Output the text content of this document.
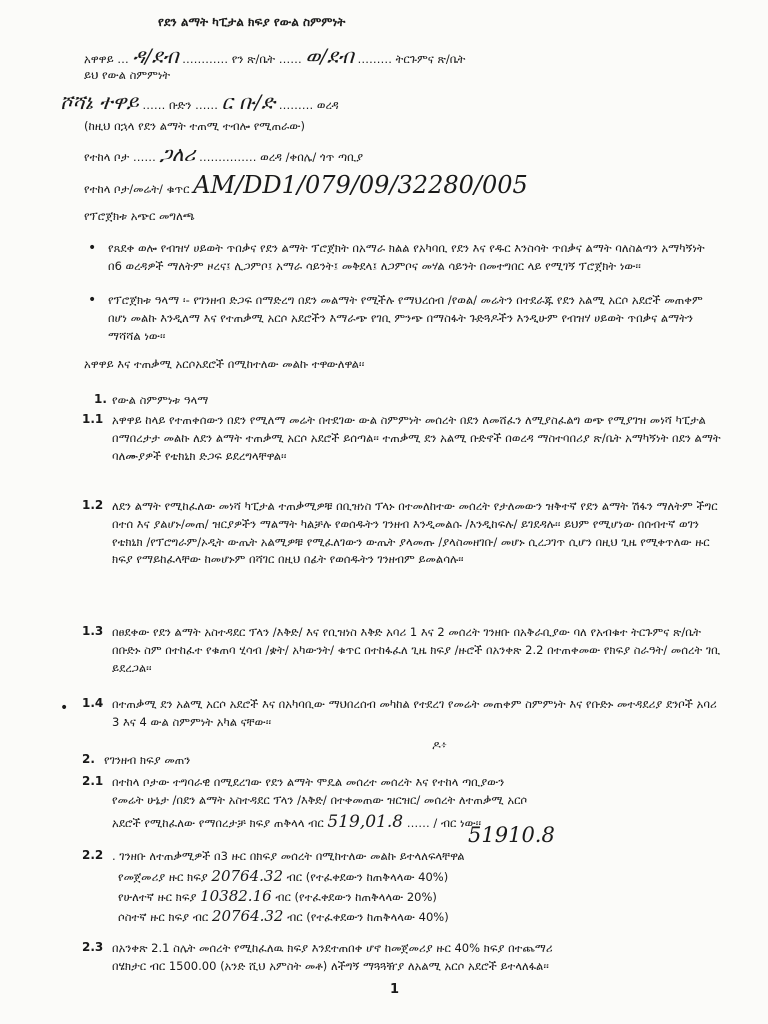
የደን ልማት ካፒታል ክፍያ የውል ስምምነት
አዋዋይ … ዳ/ደብ ………… የን ጽ/ቤት …… ወ/ደብ ……… ትርጉምና ጽ/ቤት
ይህ የውል ስምምነት
ሾሻኔ ተዋይ …… ቡድን …… ር ቡ/ድ ……… ወረዳ
(ከዚህ በኋላ የደን ልማት ተጠሚ ተብሎ የሚጠራው)
የተከላ ቦታ …… ጋለሪ …………… ወረዳ /ቀበሌ/ ጎጥ ጣቢያ
የተከላ ቦታ/መሬት/ ቁጥር AM/DD1/079/09/32280/005
የፕሮጀክቱ አጭር መግለጫ
• የጸደቀ ወሎ የብዝሃ ሀይወት ጥበቃና የደን ልማት ፕሮጀክት በአማራ ክልል የአካባቢ የደን እና የዱር እንስሳት ጥበቃና ልማት ባለስልጣን አማካኝነት በ6 ወረዳዎች ማለትም ዞረና፤ ሊጋምቦ፤ አማራ ሳይንት፤ መቅደላ፤ ለጋምቦና መሃል ሳይንት በመተግበር ላይ የሚገኝ ፕሮጀክት ነው፡፡
• የፕሮጀክቱ ዓላማ ፡- የገንዘብ ድጋፍ በማድረግ በደን መልማት የሚችሉ የማህረሰብ /የወል/ መሬትን በተደራጁ የደን አልሚ አርሶ አደሮች መጠቀም በሆነ መልኩ እንዲለማ እና የተጠቃሚ አርሶ አደሮችን እማራጭ የገቢ ምንጭ በማስፋት ጉድጓዶችን እንዲሁም የብዝሃ ሀይወት ጥበቃና ልማትን ማሻሻል ነው፡፡
አዋዋይ እና ተጠቃሚ አርሶአደሮች በሚከተለው መልኩ ተዋውለዋል፡፡
1. የውል ስምምነቱ ዓላማ
1.1 አዋዋይ ከላይ የተጠቀሰውን በደን የሚለማ መሬት በተደገው ውል ስምምነት መሰረት በደን ለመሸፈን ለሚያስፈልግ ወጭ የሚያገዝ መነሻ ካፒታል በማበረታታ መልኩ ለደን ልማት ተጠቃሚ አርሶ አደሮች ይሰጣል፡፡ ተጠቃሚ ደን አልሚ ቡድኖች በወረዳ ማስተባበሪያ ጽ/ቤት አማካኝነት በደን ልማት ባለሙያዎች የቴክኒክ ድጋፍ ይደረግላቸዋል፡፡
1.2 ለደን ልማት የሚከፈለው መነሻ ካፒታል ተጠቃሚዎቹ በቢዝነስ ፕላኑ በተመለከተው መሰረት የታለመውን ዝቅተኛ የደን ልማት ሽፋን ማለትም ችግር በተሰ እና ያልሆኑ/መጠ/ ዝርያዎችን ማልማት ካልቻሉ የወሰዱትን ገንዘብ እንዲመልሱ /እንዲከፍሉ/ ይገደዳሉ፡፡ ይህም የሚሆነው በሰብተኛ ወገን የቴክኒክ /የፕሮግራም/ኦዲት ውጤት አልሚዎቹ የሚፈለገውን ውጤት ያላመጡ /ያላስመዘገቡ/ መሆኑ ሲረጋገጥ ሲሆን በዚህ ጊዜ የሚቀጥለው ዙር ክፍያ የማይከፈላቸው ከመሆኑም በሻገር በዚህ በፊት የወሰዱትን ገንዘብም ይመልሳሉ፡፡
1.3 በፀደቀው የደን ልማት አስተዳደር ፕላን /እቅድ/ እና የቢዝነስ እቅድ አባሪ 1 እና 2 መሰረት ገንዘቡ በአቅራቢያው ባለ የአብቁተ ትርጉምና ጽ/ቤት በቡድኑ ስም በተከፈተ የቁጠባ ሂሳብ /ቋት/ አካውንት/ ቁጥር በተከፋፈለ ጊዜ ክፍያ /ዙሮች በአንቀጽ 2.2 በተጠቀመው የክፍያ ስራዓት/ መሰረት ገቢ ይደረጋል፡፡
• 1.4 በተጠቃሚ ደን አልሚ አርሶ አደሮች እና በአካባቢው ማህበረሰብ መካከል የተደረገ የመሬት መጠቀም ስምምነት እና የቡድኑ መተዳደሪያ ደንቦች አባሪ 3 እና 4 ውል ስምምነት አካል ናቸው፡፡
ዶ፥
2. የገንዘብ ክፍያ መጠን
2.1 በተከላ ቦታው ተግባራዊ በሚደረገው የደን ልማት ሞዴል መሰረተ መሰረት እና የተከላ ጣቢያውን
የመሬት ሁኔታ /በደን ልማት አስተዳደር ፕላን /እቅድ/ በተቀመጠው ዝርዝር/ መሰረት ለተጠቃሚ አርሶ
አደሮች የሚከፈለው የማበረታቻ ክፍያ ጠቅላላ ብር 519,01.8 …… / ብር ነው፡፡
51910.8
2.2 . ገንዘቡ ለተጠቃሚዎች በ3 ዙር በክፍያ መሰረት በሚከተለው መልኩ ይተላለፍላቸዋል
የመጀመሪያ ዙር ክፍያ 20764.32 ብር (የተፈቀደውን ከጠቅላላው 40%)
የሁለተኛ ዙር ክፍያ 10382.16 ብር (የተፈቀደውን ከጠቅላላው 20%)
ሶስተኛ ዙር ክፍያ ብር 20764.32 ብር (የተፈቀደውን ከጠቅላላው 40%)
2.3 በአንቀጽ 2.1 ስሌት መሰረት የሚከፈለዉ ክፍያ እንደተጠበቀ ሆኖ ከመጀመሪያ ዙር 40% ክፍያ በተጨማሪ
በሄክታር ብር 1500.00 (አንድ ሺህ አምስት መቶ) ለችግኝ ማጓጓዥያ ለአልሚ አርሶ አደሮች ይተላለፋል፡፡
1
